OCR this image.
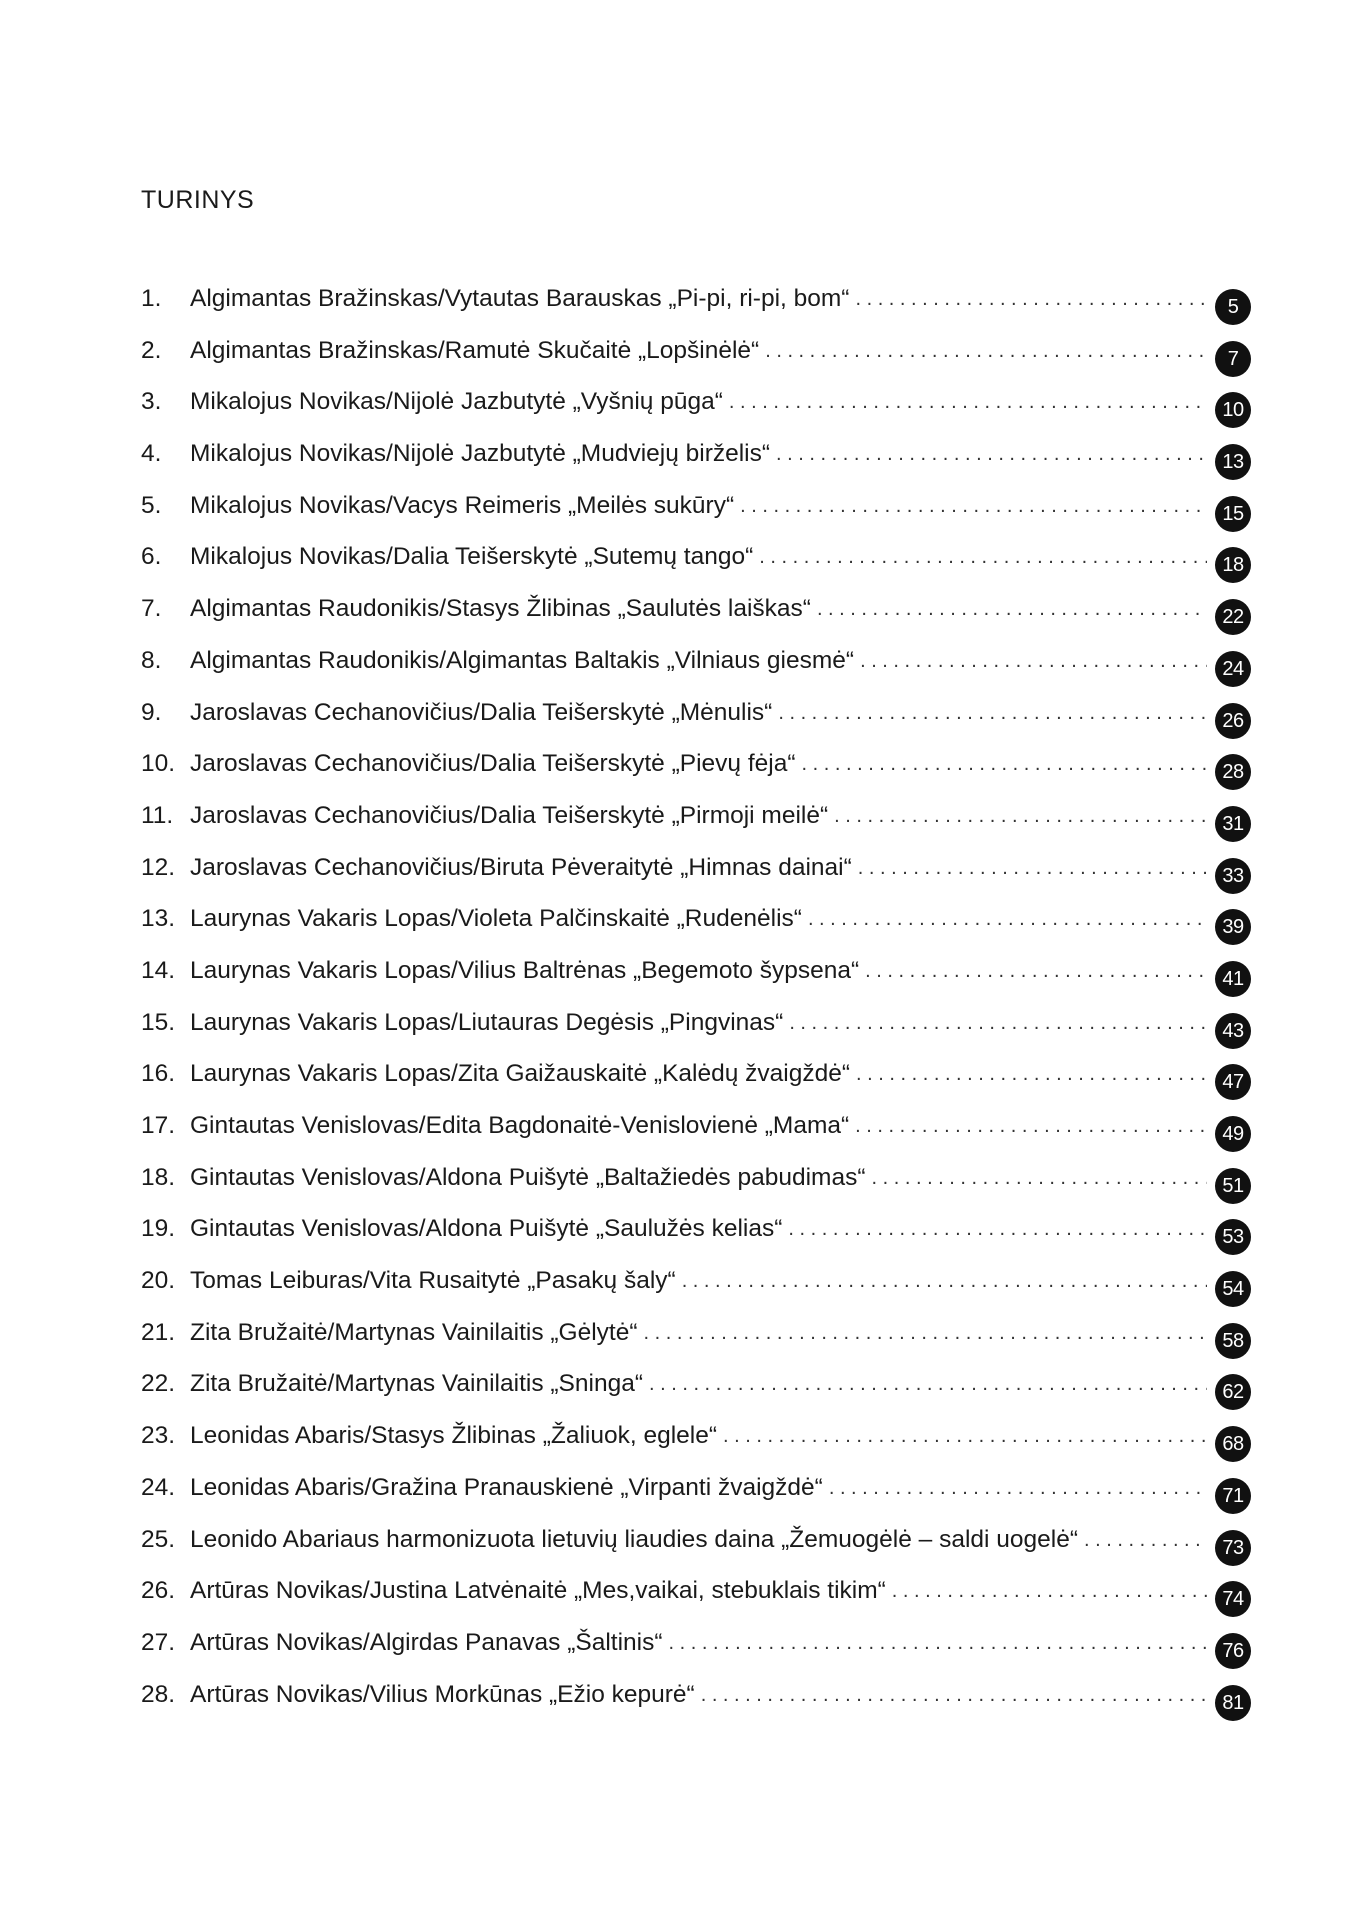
TURINYS
1.	Algimantas Bražinskas/Vytautas Barauskas „Pi-pi, ri-pi, bom“ . . .	5
2.	Algimantas Bražinskas/Ramutė Skučaitė „Lopšinėlė“ . . .	7
3.	Mikalojus Novikas/Nijolė Jazbutytė „Vyšnių pūga“ . . .	10
4.	Mikalojus Novikas/Nijolė Jazbutytė „Mudviejų birželis“ . . .	13
5.	Mikalojus Novikas/Vacys Reimeris „Meilės sukūry“ . . .	15
6.	Mikalojus Novikas/Dalia Teišerskytė „Sutemų tango“ . . .	18
7.	Algimantas Raudonikis/Stasys Žlibinas „Saulutės laiškas“ . . .	22
8.	Algimantas Raudonikis/Algimantas Baltakis „Vilniaus giesmė“ . . .	24
9.	Jaroslavas Cechanovičius/Dalia Teišerskytė „Mėnulis“ . . .	26
10. Jaroslavas Cechanovičius/Dalia Teišerskytė „Pievų fėja“ . . .	28
11. Jaroslavas Cechanovičius/Dalia Teišerskytė „Pirmoji meilė“ . . .	31
12. Jaroslavas Cechanovičius/Biruta Pėveraitytė „Himnas dainai“ . . .	33
13. Laurynas Vakaris Lopas/Violeta Palčinskaitė „Rudenėlis“ . . .	39
14. Laurynas Vakaris Lopas/Vilius Baltrėnas „Begemoto šypsena“ . . .	41
15. Laurynas Vakaris Lopas/Liutauras Degėsis „Pingvinas“ . . .	43
16. Laurynas Vakaris Lopas/Zita Gaižauskaitė „Kalėdų žvaigždė“ . . .	47
17. Gintautas Venislovas/Edita Bagdonaitė-Venislovienė „Mama“ . . .	49
18. Gintautas Venislovas/Aldona Puišytė „Baltažiedės pabudimas“ . . .	51
19. Gintautas Venislovas/Aldona Puišytė „Saulužės kelias“ . . .	53
20. Tomas Leiburas/Vita Rusaitytė „Pasakų šaly“ . . .	54
21. Zita Bružaitė/Martynas Vainilaitis „Gėlytė“ . . .	58
22. Zita Bružaitė/Martynas Vainilaitis „Sninga“ . . .	62
23. Leonidas Abaris/Stasys Žlibinas „Žaliuok, eglele“ . . .	68
24. Leonidas Abaris/Gražina Pranauskienė „Virpanti žvaigždė“ . . .	71
25. Leonido Abariaus harmonizuota lietuvių liaudies daina „Žemuogėlė – saldi uogelė“ . . .	73
26. Artūras Novikas/Justina Latvėnaitė „Mes,vaikai, stebuklais tikim“ . . .	74
27. Artūras Novikas/Algirdas Panavas „Šaltinis“ . . .	76
28. Artūras Novikas/Vilius Morkūnas „Ežio kepurė“ . . .	81
